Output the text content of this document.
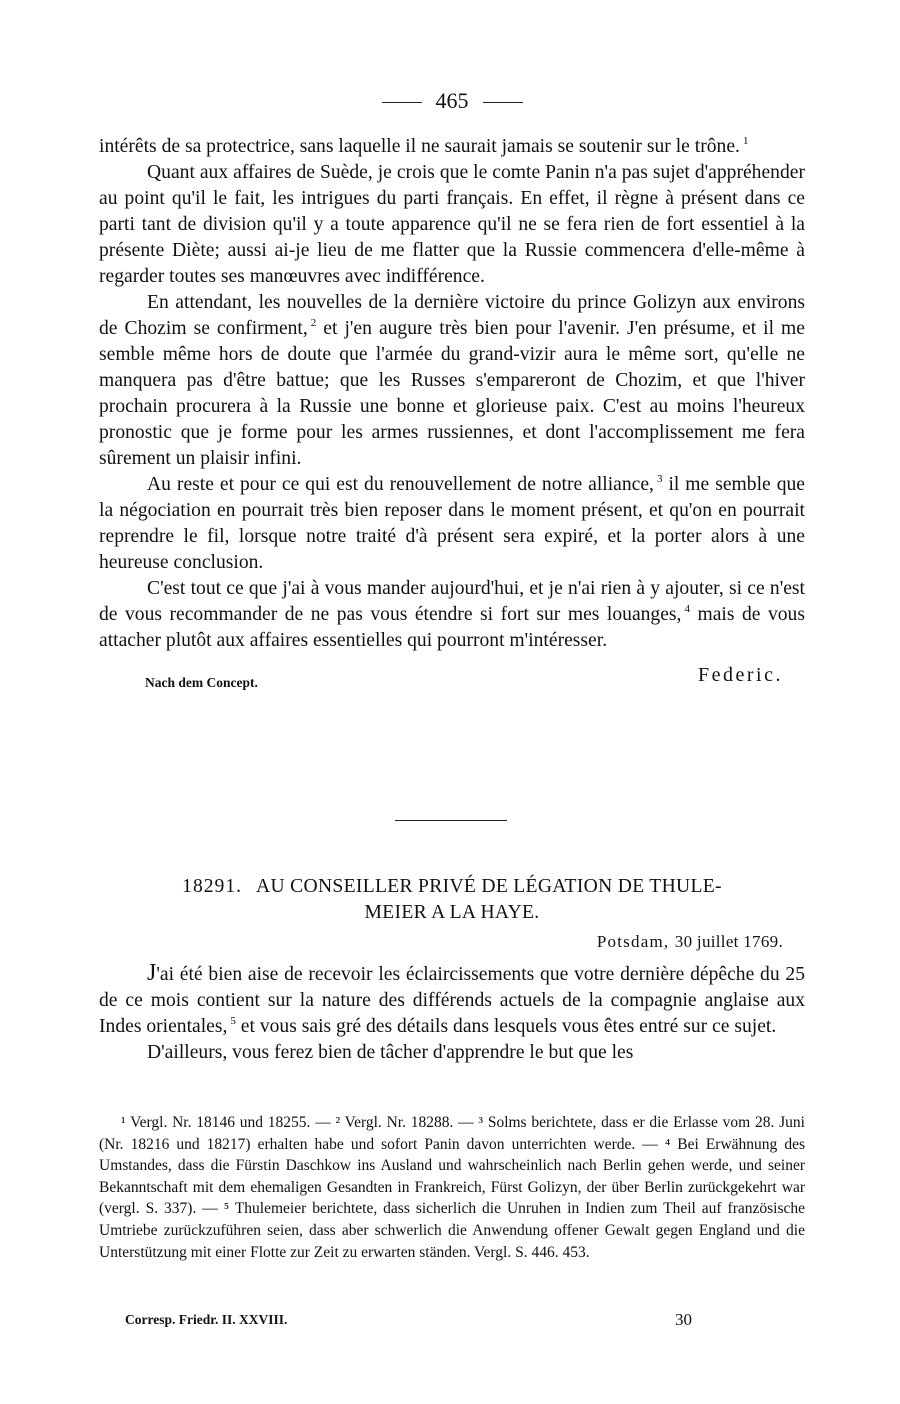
465

intérêts de sa protectrice, sans laquelle il ne saurait jamais se soutenir sur le trône. $^1$

Quant aux affaires de Suède, je crois que le comte Panin n'a pas sujet d'appréhender au point qu'il le fait, les intrigues du parti français. En effet, il règne à présent dans ce parti tant de division qu'il y a toute apparence qu'il ne se fera rien de fort essentiel à la présente Diète; aussi ai-je lieu de me flatter que la Russie commencera d'elle-même à regarder toutes ses manœuvres avec indifférence.

En attendant, les nouvelles de la dernière victoire du prince Golizyn aux environs de Chozim se confirment, $^2$ et j'en augure très bien pour l'avenir. J'en présume, et il me semble même hors de doute que l'armée du grand-vizir aura le même sort, qu'elle ne manquera pas d'être battue; que les Russes s'empareront de Chozim, et que l'hiver prochain procurera à la Russie une bonne et glorieuse paix. C'est au moins l'heureux pronostic que je forme pour les armes russiennes, et dont l'accomplissement me fera sûrement un plaisir infini.

Au reste et pour ce qui est du renouvellement de notre alliance, $^3$ il me semble que la négociation en pourrait très bien reposer dans le moment présent, et qu'on en pourrait reprendre le fil, lorsque notre traité d'à présent sera expiré, et la porter alors à une heureuse conclusion.

C'est tout ce que j'ai à vous mander aujourd'hui, et je n'ai rien à y ajouter, si ce n'est de vous recommander de ne pas vous étendre si fort sur mes louanges, $^4$ mais de vous attacher plutôt aux affaires essentielles qui pourront m'intéresser.

Nach dem Concept.	Federic.
18291. AU CONSEILLER PRIVÉ DE LÉGATION DE THULE-
MEIER A LA HAYE.
Potsdam, 30 juillet 1769.

J'ai été bien aise de recevoir les éclaircissements que votre dernière dépêche du 25 de ce mois contient sur la nature des différends actuels de la compagnie anglaise aux Indes orientales, $^5$ et vous sais gré des détails dans lesquels vous êtes entré sur ce sujet.

D'ailleurs, vous ferez bien de tâcher d'apprendre le but que les

¹ Vergl. Nr. 18146 und 18255. — ² Vergl. Nr. 18288. — ³ Solms berichtete, dass er die Erlasse vom 28. Juni (Nr. 18216 und 18217) erhalten habe und sofort Panin davon unterrichten werde. — ⁴ Bei Erwähnung des Umstandes, dass die Fürstin Daschkow ins Ausland und wahrscheinlich nach Berlin gehen werde, und seiner Bekanntschaft mit dem ehemaligen Gesandten in Frankreich, Fürst Golizyn, der über Berlin zurückgekehrt war (vergl. S. 337). — ⁵ Thulemeier berichtete, dass sicherlich die Unruhen in Indien zum Theil auf französische Umtriebe zurückzuführen seien, dass aber schwerlich die Anwendung offener Gewalt gegen England und die Unterstützung mit einer Flotte zur Zeit zu erwarten ständen. Vergl. S. 446. 453.

Corresp. Friedr. II. XXVIII.	30
